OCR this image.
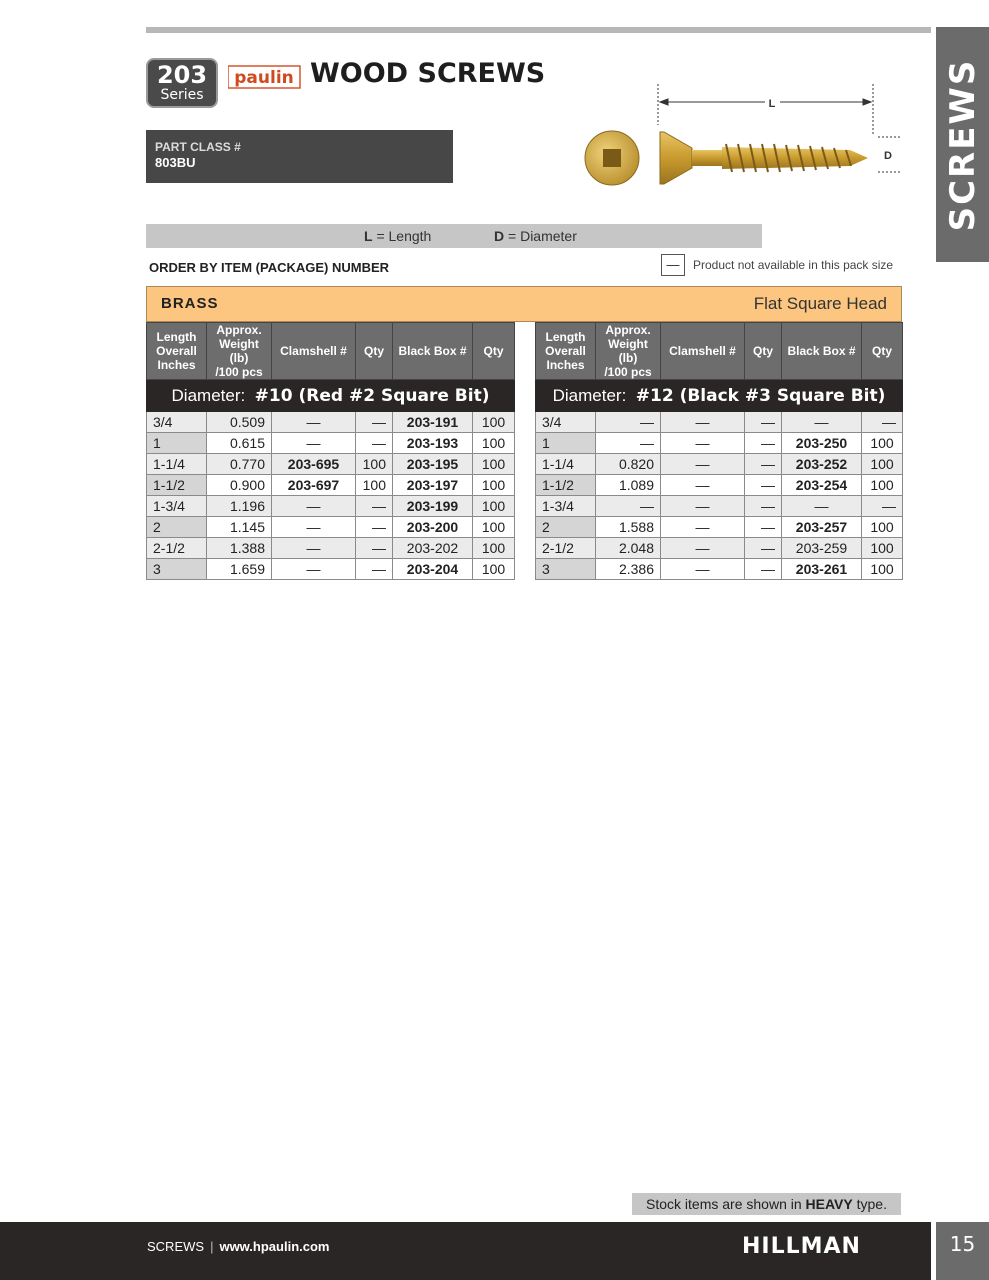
SCREWS
203
Series
paulin WOOD SCREWS
PART CLASS #
803BU
L
D
L = Length	D = Diameter
ORDER BY ITEM (PACKAGE) NUMBER	—	Product not available in this pack size
BRASS	Flat Square Head
Length
Overall
Inches	Approx.
Weight (lb)
/100 pcs	Clamshell #	Qty	Black Box #	Qty
Diameter: #10 (Red #2 Square Bit)					
3/4	0.509	—	—	203-191	100
1	0.615	—	—	203-193	100
1-1/4	0.770	203-695	100	203-195	100
1-1/2	0.900	203-697	100	203-197	100
1-3/4	1.196	—	—	203-199	100
2	1.145	—	—	203-200	100
2-1/2	1.388	—	—	203-202	100
3	1.659	—	—	203-204	100
Length
Overall
Inches	Approx.
Weight (lb)
/100 pcs	Clamshell #	Qty	Black Box #	Qty
Diameter: #12 (Black #3 Square Bit)					
3/4	—	—	—	—	—
1	—	—	—	203-250	100
1-1/4	0.820	—	—	203-252	100
1-1/2	1.089	—	—	203-254	100
1-3/4	—	—	—	—	—
2	1.588	—	—	203-257	100
2-1/2	2.048	—	—	203-259	100
3	2.386	—	—	203-261	100
Stock items are shown in HEAVY type.
SCREWS | www.hpaulin.com	HILLMAN	15
